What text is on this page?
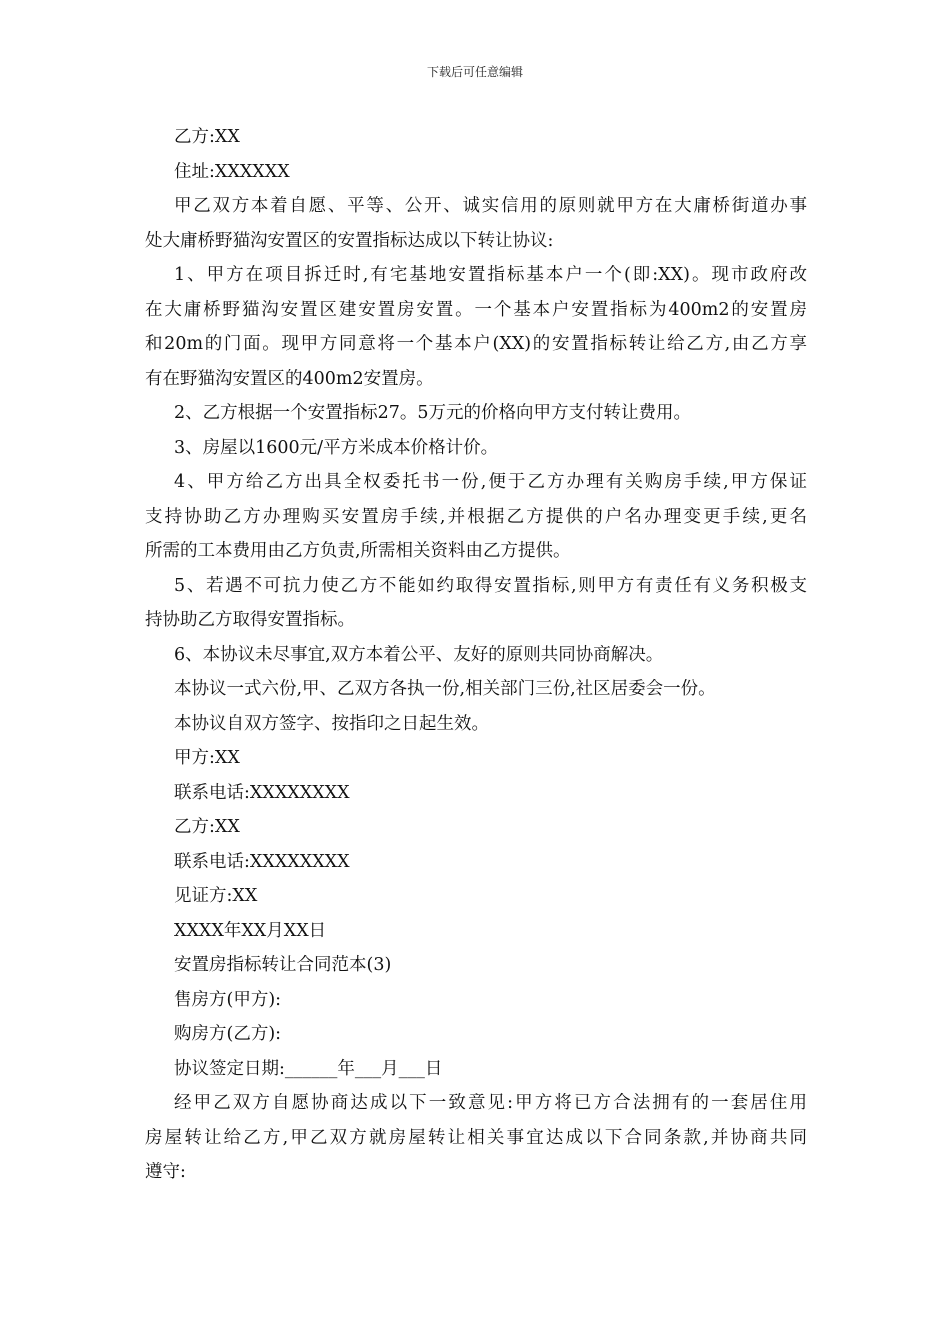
下载后可任意编辑
乙方:XX
住址:XXXXXX
甲乙双方本着自愿、平等、公开、诚实信用的原则就甲方在大庸桥街道办事
处大庸桥野猫沟安置区的安置指标达成以下转让协议:
1、甲方在项目拆迁时,有宅基地安置指标基本户一个(即:XX)。现市政府改
在大庸桥野猫沟安置区建安置房安置。一个基本户安置指标为400m2的安置房
和20m的门面。现甲方同意将一个基本户(XX)的安置指标转让给乙方,由乙方享
有在野猫沟安置区的400m2安置房。
2、乙方根据一个安置指标27。5万元的价格向甲方支付转让费用。
3、房屋以1600元/平方米成本价格计价。
4、甲方给乙方出具全权委托书一份,便于乙方办理有关购房手续,甲方保证
支持协助乙方办理购买安置房手续,并根据乙方提供的户名办理变更手续,更名
所需的工本费用由乙方负责,所需相关资料由乙方提供。
5、若遇不可抗力使乙方不能如约取得安置指标,则甲方有责任有义务积极支
持协助乙方取得安置指标。
6、本协议未尽事宜,双方本着公平、友好的原则共同协商解决。
本协议一式六份,甲、乙双方各执一份,相关部门三份,社区居委会一份。
本协议自双方签字、按指印之日起生效。
甲方:XX
联系电话:XXXXXXXX
乙方:XX
联系电话:XXXXXXXX
见证方:XX
XXXX年XX月XX日
安置房指标转让合同范本(3)
售房方(甲方):
购房方(乙方):
协议签定日期:______年___月___日
经甲乙双方自愿协商达成以下一致意见:甲方将已方合法拥有的一套居住用
房屋转让给乙方,甲乙双方就房屋转让相关事宜达成以下合同条款,并协商共同
遵守:
